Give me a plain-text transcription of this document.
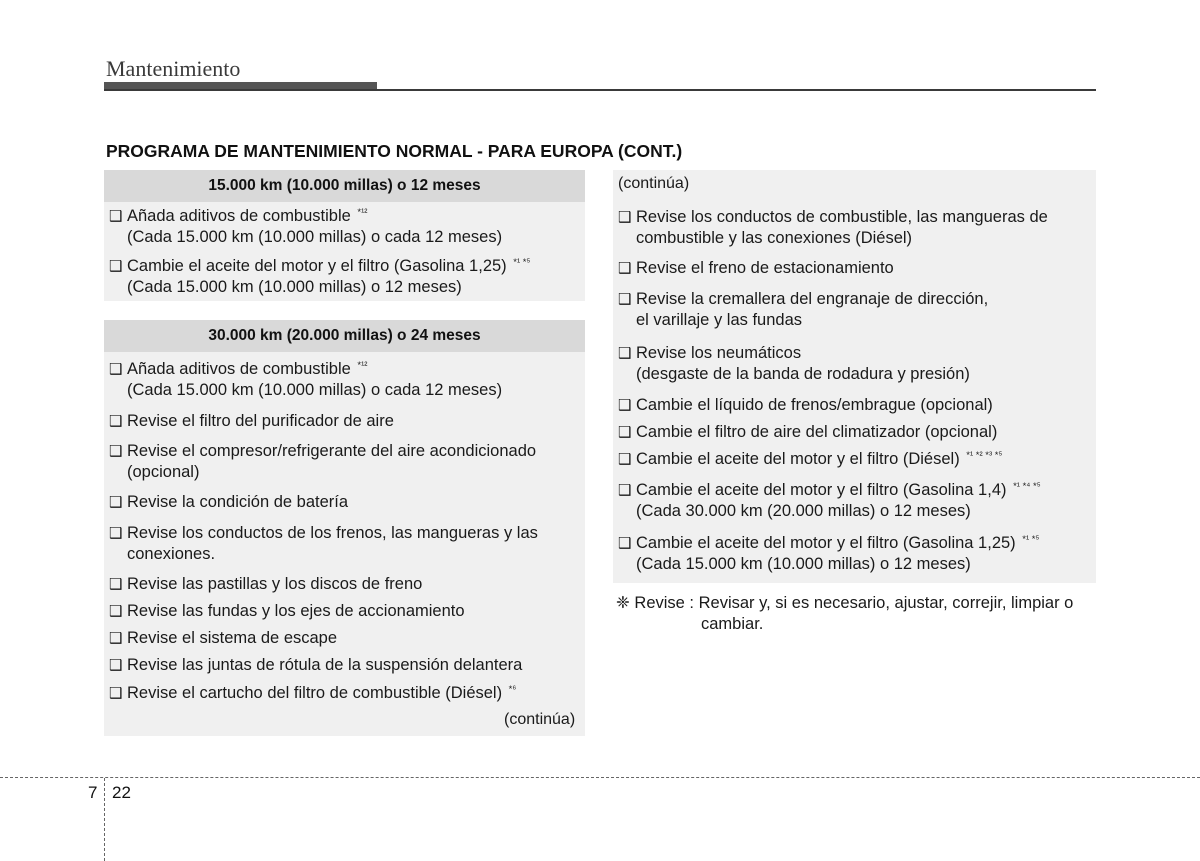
Mantenimiento
PROGRAMA DE MANTENIMIENTO NORMAL - PARA EUROPA (CONT.)
15.000 km (10.000 millas) o 12 meses
❑ Añada aditivos de combustible $^{*^{12}}$
(Cada 15.000 km (10.000 millas) o cada 12 meses)
❑ Cambie el aceite del motor y el filtro (Gasolina 1,25) $^{*^1 *^5}$
(Cada 15.000 km (10.000 millas) o 12 meses)
30.000 km (20.000 millas) o 24 meses
❑ Añada aditivos de combustible $^{*^{12}}$
(Cada 15.000 km (10.000 millas) o cada 12 meses)
❑ Revise el filtro del purificador de aire
❑ Revise el compresor/refrigerante del aire acondicionado
(opcional)
❑ Revise la condición de batería
❑ Revise los conductos de los frenos, las mangueras y las
conexiones.
❑ Revise las pastillas y los discos de freno
❑ Revise las fundas y los ejes de accionamiento
❑ Revise el sistema de escape
❑ Revise las juntas de rótula de la suspensión delantera
❑ Revise el cartucho del filtro de combustible (Diésel) $^{*^6}$
(continúa)
(continúa)
❑ Revise los conductos de combustible, las mangueras de
combustible y las conexiones (Diésel)
❑ Revise el freno de estacionamiento
❑ Revise la cremallera del engranaje de dirección,
el varillaje y las fundas
❑ Revise los neumáticos
(desgaste de la banda de rodadura y presión)
❑ Cambie el líquido de frenos/embrague (opcional)
❑ Cambie el filtro de aire del climatizador (opcional)
❑ Cambie el aceite del motor y el filtro (Diésel) $^{*^1 *^2 *^3 *^5}$
❑ Cambie el aceite del motor y el filtro (Gasolina 1,4) $^{*^1 *^4 *^5}$
(Cada 30.000 km (20.000 millas) o 12 meses)
❑ Cambie el aceite del motor y el filtro (Gasolina 1,25) $^{*^1 *^5}$
(Cada 15.000 km (10.000 millas) o 12 meses)
❈ Revise : Revisar y, si es necesario, ajustar, correjir, limpiar o
cambiar.
7 22
